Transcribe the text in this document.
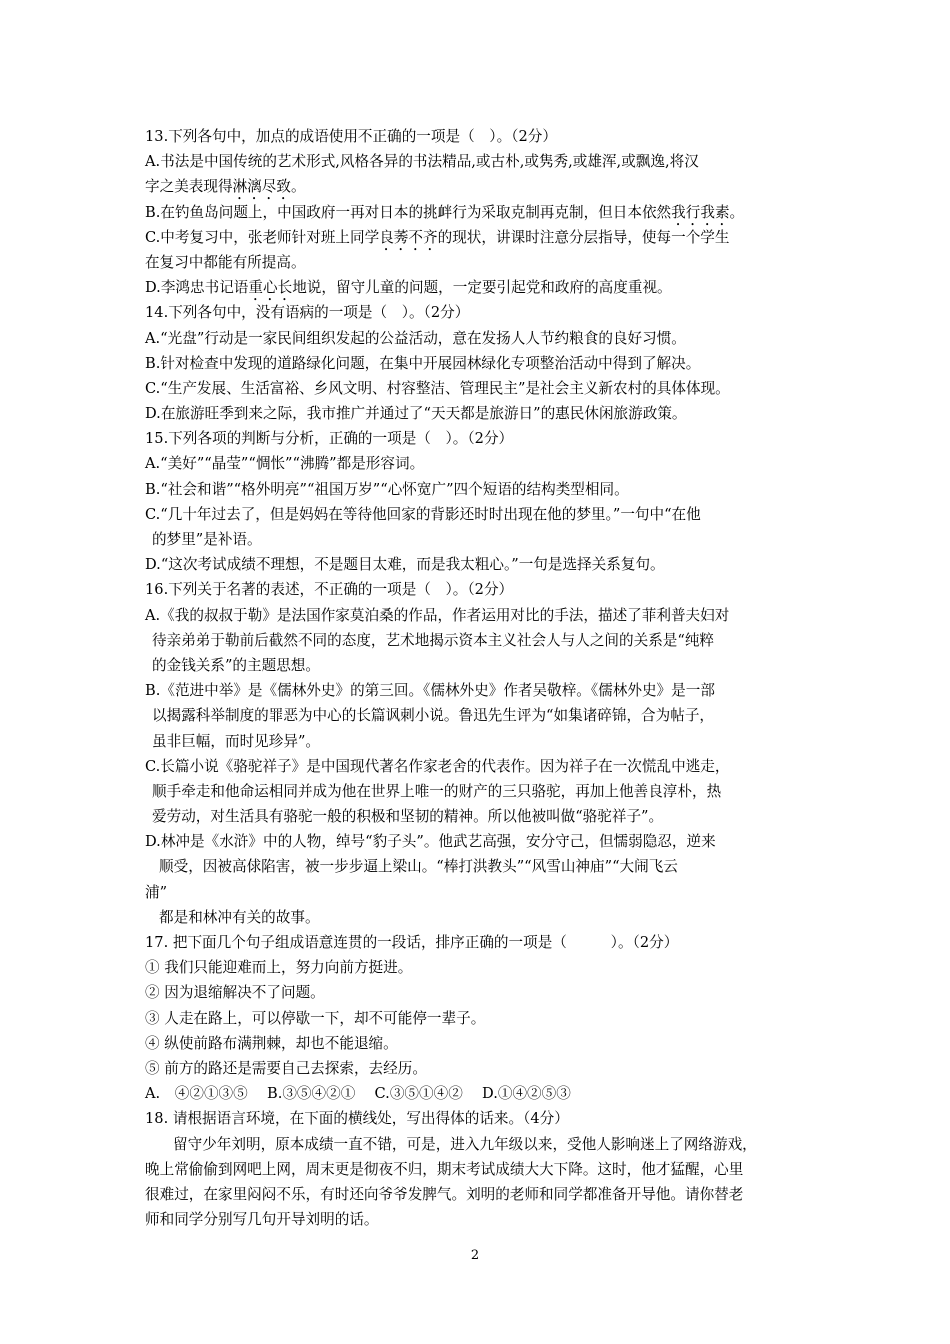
13.下列各句中，加点的成语使用不正确的一项是（　）。（2分）
A.书法是中国传统的艺术形式,风格各异的书法精品,或古朴,或隽秀,或雄浑,或飘逸,将汉
字之美表现得淋漓尽致。
B.在钓鱼岛问题上，中国政府一再对日本的挑衅行为采取克制再克制，但日本依然我行我素。
C.中考复习中，张老师针对班上同学良莠不齐的现状，讲课时注意分层指导，使每一个学生
在复习中都能有所提高。
D.李鸿忠书记语重心长地说，留守儿童的问题，一定要引起党和政府的高度重视。
14.下列各句中，没有语病的一项是（　）。（2分）
A.“光盘”行动是一家民间组织发起的公益活动，意在发扬人人节约粮食的良好习惯。
B.针对检查中发现的道路绿化问题，在集中开展园林绿化专项整治活动中得到了解决。
C.“生产发展、生活富裕、乡风文明、村容整洁、管理民主”是社会主义新农村的具体体现。
D.在旅游旺季到来之际，我市推广并通过了“天天都是旅游日”的惠民休闲旅游政策。
15.下列各项的判断与分析，正确的一项是（　）。（2分）
A.“美好”“晶莹”“惆怅”“沸腾”都是形容词。
B.“社会和谐”“格外明亮”“祖国万岁”“心怀宽广”四个短语的结构类型相同。
C.“几十年过去了，但是妈妈在等待他回家的背影还时时出现在他的梦里。”一句中“在他
的梦里”是补语。
D.“这次考试成绩不理想，不是题目太难，而是我太粗心。”一句是选择关系复句。
16.下列关于名著的表述，不正确的一项是（　）。（2分）
A.《我的叔叔于勒》是法国作家莫泊桑的作品，作者运用对比的手法，描述了菲利普夫妇对
待亲弟弟于勒前后截然不同的态度，艺术地揭示资本主义社会人与人之间的关系是“纯粹
的金钱关系”的主题思想。
B.《范进中举》是《儒林外史》的第三回。《儒林外史》作者吴敬梓。《儒林外史》是一部
以揭露科举制度的罪恶为中心的长篇讽刺小说。鲁迅先生评为“如集诸碎锦，合为帖子，
虽非巨幅，而时见珍异”。
C.长篇小说《骆驼祥子》是中国现代著名作家老舍的代表作。因为祥子在一次慌乱中逃走，
顺手牵走和他命运相同并成为他在世界上唯一的财产的三只骆驼，再加上他善良淳朴，热
爱劳动，对生活具有骆驼一般的积极和坚韧的精神。所以他被叫做“骆驼祥子”。
D.林冲是《水浒》中的人物，绰号“豹子头”。他武艺高强，安分守己，但懦弱隐忍，逆来
顺受，因被高俅陷害，被一步步逼上梁山。“棒打洪教头”“风雪山神庙”“大闹飞云
浦”
都是和林冲有关的故事。
17. 把下面几个句子组成语意连贯的一段话，排序正确的一项是（　　　）。（2分）
① 我们只能迎难而上，努力向前方挺进。
② 因为退缩解决不了问题。
③ 人走在路上，可以停歇一下，却不可能停一辈子。
④ 纵使前路布满荆棘，却也不能退缩。
⑤ 前方的路还是需要自己去探索，去经历。
A.　④②①③⑤　 B.③⑤④②①　 C.③⑤①④②　 D.①④②⑤③
18. 请根据语言环境，在下面的横线处，写出得体的话来。（4分）
留守少年刘明，原本成绩一直不错，可是，进入九年级以来，受他人影响迷上了网络游戏，
晚上常偷偷到网吧上网，周末更是彻夜不归，期末考试成绩大大下降。这时，他才猛醒，心里
很难过，在家里闷闷不乐，有时还向爷爷发脾气。刘明的老师和同学都准备开导他。请你替老
师和同学分别写几句开导刘明的话。
2
